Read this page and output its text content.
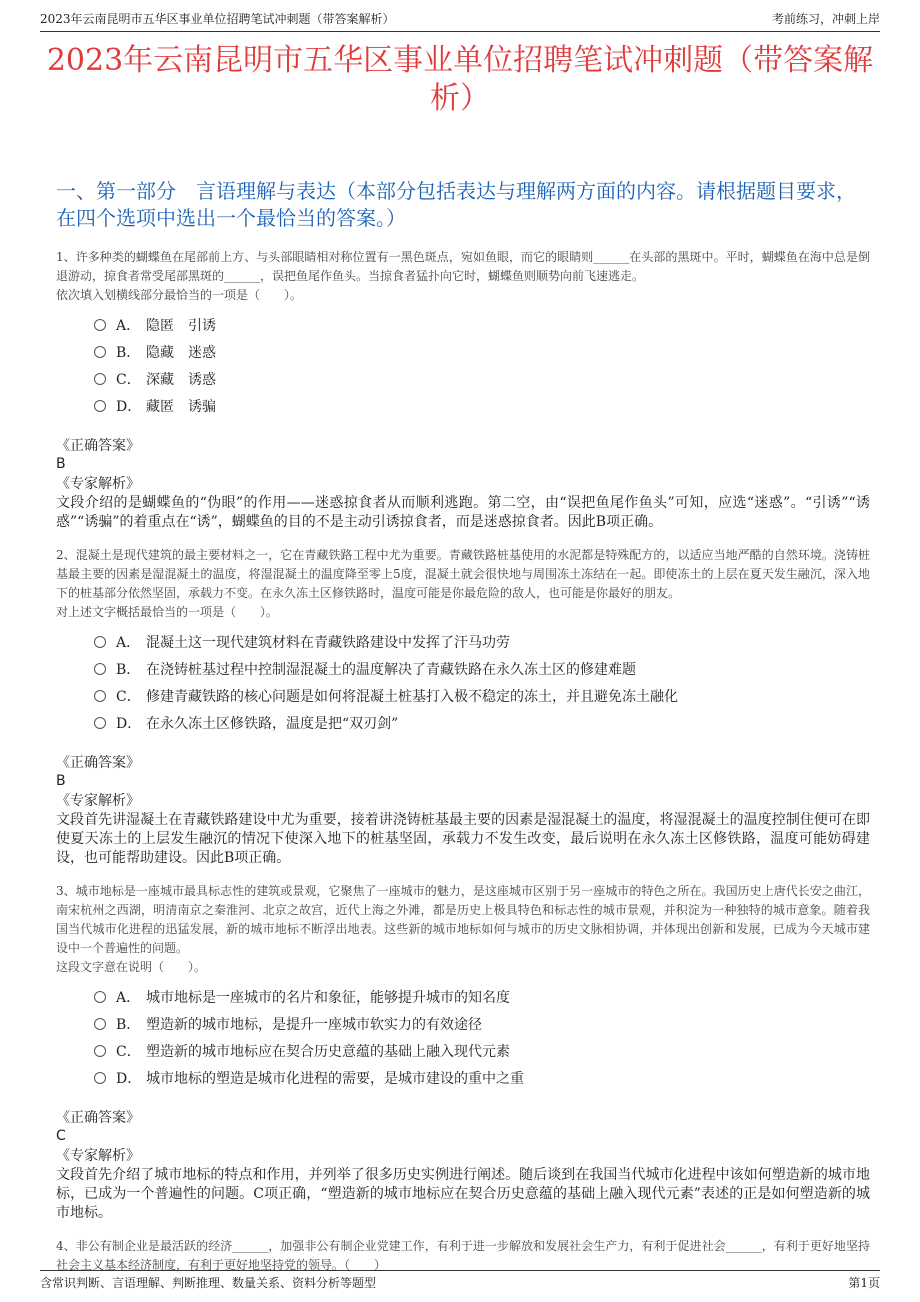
2023年云南昆明市五华区事业单位招聘笔试冲刺题（带答案解析）	考前练习，冲刺上岸
2023年云南昆明市五华区事业单位招聘笔试冲刺题（带答案解析）
一、第一部分　言语理解与表达（本部分包括表达与理解两方面的内容。请根据题目要求，在四个选项中选出一个最恰当的答案。）

1、许多种类的蝴蝶鱼在尾部前上方、与头部眼睛相对称位置有一黑色斑点，宛如鱼眼，而它的眼睛则______在头部的黑斑中。平时，蝴蝶鱼在海中总是倒退游动，掠食者常受尾部黑斑的______，误把鱼尾作鱼头。当掠食者猛扑向它时，蝴蝶鱼则顺势向前飞速逃走。

依次填入划横线部分最恰当的一项是（　　）。

A． 隐匿 引诱
B． 隐藏 迷惑
C． 深藏 诱惑
D． 藏匿 诱骗

《正确答案》

B

《专家解析》

文段介绍的是蝴蝶鱼的“伪眼”的作用——迷惑掠食者从而顺利逃跑。第二空，由“误把鱼尾作鱼头”可知，应选“迷惑”。“引诱”“诱惑”“诱骗”的着重点在“诱”，蝴蝶鱼的目的不是主动引诱掠食者，而是迷惑掠食者。因此B项正确。

2、混凝土是现代建筑的最主要材料之一，它在青藏铁路工程中尤为重要。青藏铁路桩基使用的水泥都是特殊配方的，以适应当地严酷的自然环境。浇铸桩基最主要的因素是湿混凝土的温度，将湿混凝土的温度降至零上5度，混凝土就会很快地与周围冻土冻结在一起。即使冻土的上层在夏天发生融沉，深入地下的桩基部分依然坚固，承载力不变。在永久冻土区修铁路时，温度可能是你最危险的敌人，也可能是你最好的朋友。

对上述文字概括最恰当的一项是（　　）。

A． 混凝土这一现代建筑材料在青藏铁路建设中发挥了汗马功劳
B． 在浇铸桩基过程中控制湿混凝土的温度解决了青藏铁路在永久冻土区的修建难题
C． 修建青藏铁路的核心问题是如何将混凝土桩基打入极不稳定的冻土，并且避免冻土融化
D． 在永久冻土区修铁路，温度是把“双刃剑”

《正确答案》

B

《专家解析》

文段首先讲湿凝土在青藏铁路建设中尤为重要，接着讲浇铸桩基最主要的因素是湿混凝土的温度，将湿混凝土的温度控制住便可在即使夏天冻土的上层发生融沉的情况下使深入地下的桩基坚固，承载力不发生改变，最后说明在永久冻土区修铁路，温度可能妨碍建设，也可能帮助建设。因此B项正确。

3、城市地标是一座城市最具标志性的建筑或景观，它聚焦了一座城市的魅力，是这座城市区别于另一座城市的特色之所在。我国历史上唐代长安之曲江，南宋杭州之西湖，明清南京之秦淮河、北京之故宫，近代上海之外滩，都是历史上极具特色和标志性的城市景观，并积淀为一种独特的城市意象。随着我国当代城市化进程的迅猛发展，新的城市地标不断浮出地表。这些新的城市地标如何与城市的历史文脉相协调，并体现出创新和发展，已成为今天城市建设中一个普遍性的问题。

这段文字意在说明（　　）。

A． 城市地标是一座城市的名片和象征，能够提升城市的知名度
B． 塑造新的城市地标，是提升一座城市软实力的有效途径
C． 塑造新的城市地标应在契合历史意蕴的基础上融入现代元素
D． 城市地标的塑造是城市化进程的需要，是城市建设的重中之重

《正确答案》

C

《专家解析》

文段首先介绍了城市地标的特点和作用，并列举了很多历史实例进行阐述。随后谈到在我国当代城市化进程中该如何塑造新的城市地标，已成为一个普遍性的问题。C项正确，“塑造新的城市地标应在契合历史意蕴的基础上融入现代元素”表述的正是如何塑造新的城市地标。

4、非公有制企业是最活跃的经济______，加强非公有制企业党建工作，有利于进一步解放和发展社会生产力，有利于促进社会______，有利于更好地坚持社会主义基本经济制度，有利于更好地坚持党的领导。（　　）

含常识判断、言语理解、判断推理、数量关系、资料分析等题型	第1页
